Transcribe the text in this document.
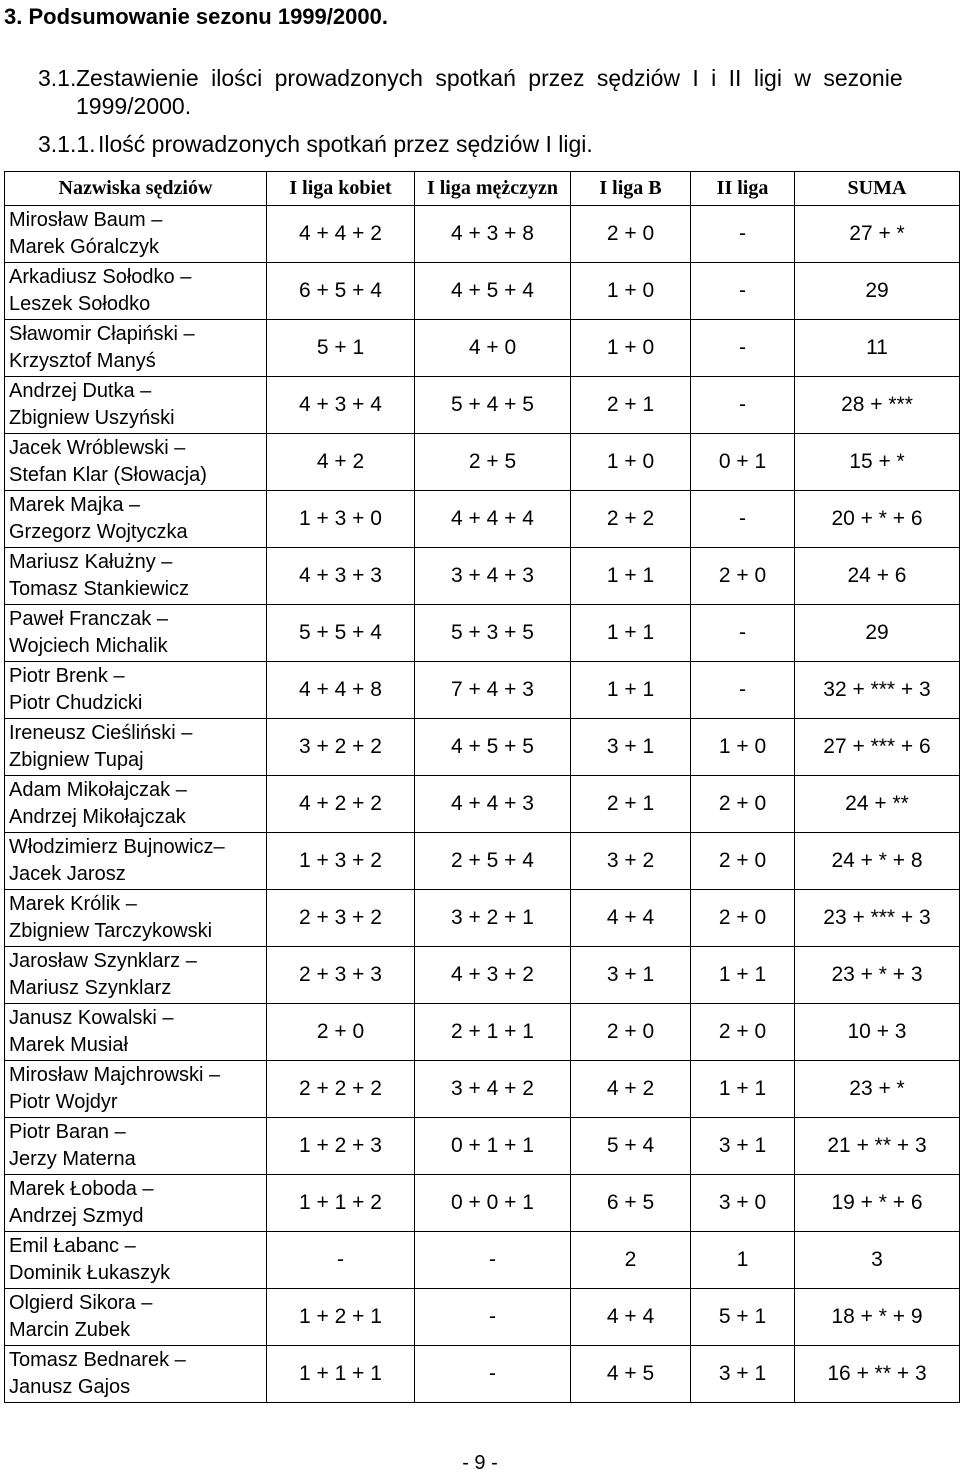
3. Podsumowanie sezonu 1999/2000.
3.1. Zestawienie ilości prowadzonych spotkań przez sędziów I i II ligi w sezonie 1999/2000.
3.1.1. Ilość prowadzonych spotkań przez sędziów I ligi.
Nazwiska sędziów	I liga kobiet	I liga mężczyzn	I liga B	II liga	SUMA

Mirosław Baum –
Marek Góralczyk	4 + 4 + 2	4 + 3 + 8	2 + 0	-	27 + *

Arkadiusz Sołodko –
Leszek Sołodko	6 + 5 + 4	4 + 5 + 4	1 + 0	-	29

Sławomir Cłapiński –
Krzysztof Manyś	5 + 1	4 + 0	1 + 0	-	11

Andrzej Dutka –
Zbigniew Uszyński	4 + 3 + 4	5 + 4 + 5	2 + 1	-	28 + ***

Jacek Wróblewski –
Stefan Klar (Słowacja)	4 + 2	2 + 5	1 + 0	0 + 1	15 + *

Marek Majka –
Grzegorz Wojtyczka	1 + 3 + 0	4 + 4 + 4	2 + 2	-	20 + * + 6

Mariusz Kałużny –
Tomasz Stankiewicz	4 + 3 + 3	3 + 4 + 3	1 + 1	2 + 0	24 + 6

Paweł Franczak –
Wojciech Michalik	5 + 5 + 4	5 + 3 + 5	1 + 1	-	29

Piotr Brenk –
Piotr Chudzicki	4 + 4 + 8	7 + 4 + 3	1 + 1	-	32 + *** + 3

Ireneusz Cieśliński –
Zbigniew Tupaj	3 + 2 + 2	4 + 5 + 5	3 + 1	1 + 0	27 + *** + 6

Adam Mikołajczak –
Andrzej Mikołajczak	4 + 2 + 2	4 + 4 + 3	2 + 1	2 + 0	24 + **

Włodzimierz Bujnowicz–
Jacek Jarosz	1 + 3 + 2	2 + 5 + 4	3 + 2	2 + 0	24 + * + 8

Marek Królik –
Zbigniew Tarczykowski	2 + 3 + 2	3 + 2 + 1	4 + 4	2 + 0	23 + *** + 3

Jarosław Szynklarz –
Mariusz Szynklarz	2 + 3 + 3	4 + 3 + 2	3 + 1	1 + 1	23 + * + 3

Janusz Kowalski –
Marek Musiał	2 + 0	2 + 1 + 1	2 + 0	2 + 0	10 + 3

Mirosław Majchrowski –
Piotr Wojdyr	2 + 2 + 2	3 + 4 + 2	4 + 2	1 + 1	23 + *

Piotr Baran –
Jerzy Materna	1 + 2 + 3	0 + 1 + 1	5 + 4	3 + 1	21 + ** + 3

Marek Łoboda –
Andrzej Szmyd	1 + 1 + 2	0 + 0 + 1	6 + 5	3 + 0	19 + * + 6

Emil Łabanc –
Dominik Łukaszyk	-	-	2	1	3

Olgierd Sikora –
Marcin Zubek	1 + 2 + 1	-	4 + 4	5 + 1	18 + * + 9

Tomasz Bednarek –
Janusz Gajos	1 + 1 + 1	-	4 + 5	3 + 1	16 + ** + 3
- 9 -
